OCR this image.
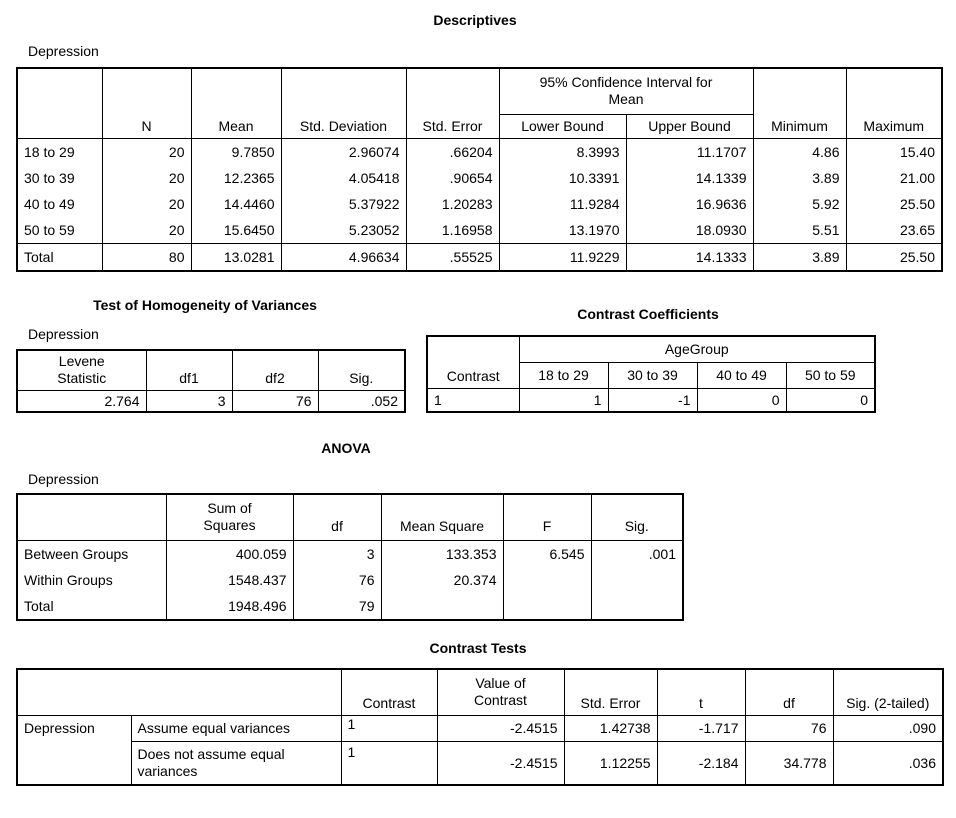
Descriptives
Depression
	N	Mean	Std. Deviation	Std. Error	95% Confidence Interval for Mean		Minimum	Maximum
					Lower Bound	Upper Bound		
18 to 29	20	9.7850	2.96074	.66204	8.3993	11.1707	4.86	15.40
30 to 39	20	12.2365	4.05418	.90654	10.3391	14.1339	3.89	21.00
40 to 49	20	14.4460	5.37922	1.20283	11.9284	16.9636	5.92	25.50
50 to 59	20	15.6450	5.23052	1.16958	13.1970	18.0930	5.51	23.65
Total	80	13.0281	4.96634	.55525	11.9229	14.1333	3.89	25.50
Test of Homogeneity of Variances
Depression
Levene Statistic	df1	df2	Sig.
2.764	3	76	.052
Contrast Coefficients
Contrast	AgeGroup			
	18 to 29	30 to 39	40 to 49	50 to 59
1	1	-1	0	0
ANOVA
Depression
	Sum of Squares	df	Mean Square	F	Sig.
Between Groups	400.059	3	133.353	6.545	.001
Within Groups	1548.437	76	20.374		
Total	1948.496	79			
Contrast Tests
		Contrast	Value of Contrast	Std. Error	t	df	Sig. (2-tailed)
Depression	Assume equal variances	1	-2.4515	1.42738	-1.717	76	.090
	Does not assume equal variances	1	-2.4515	1.12255	-2.184	34.778	.036
